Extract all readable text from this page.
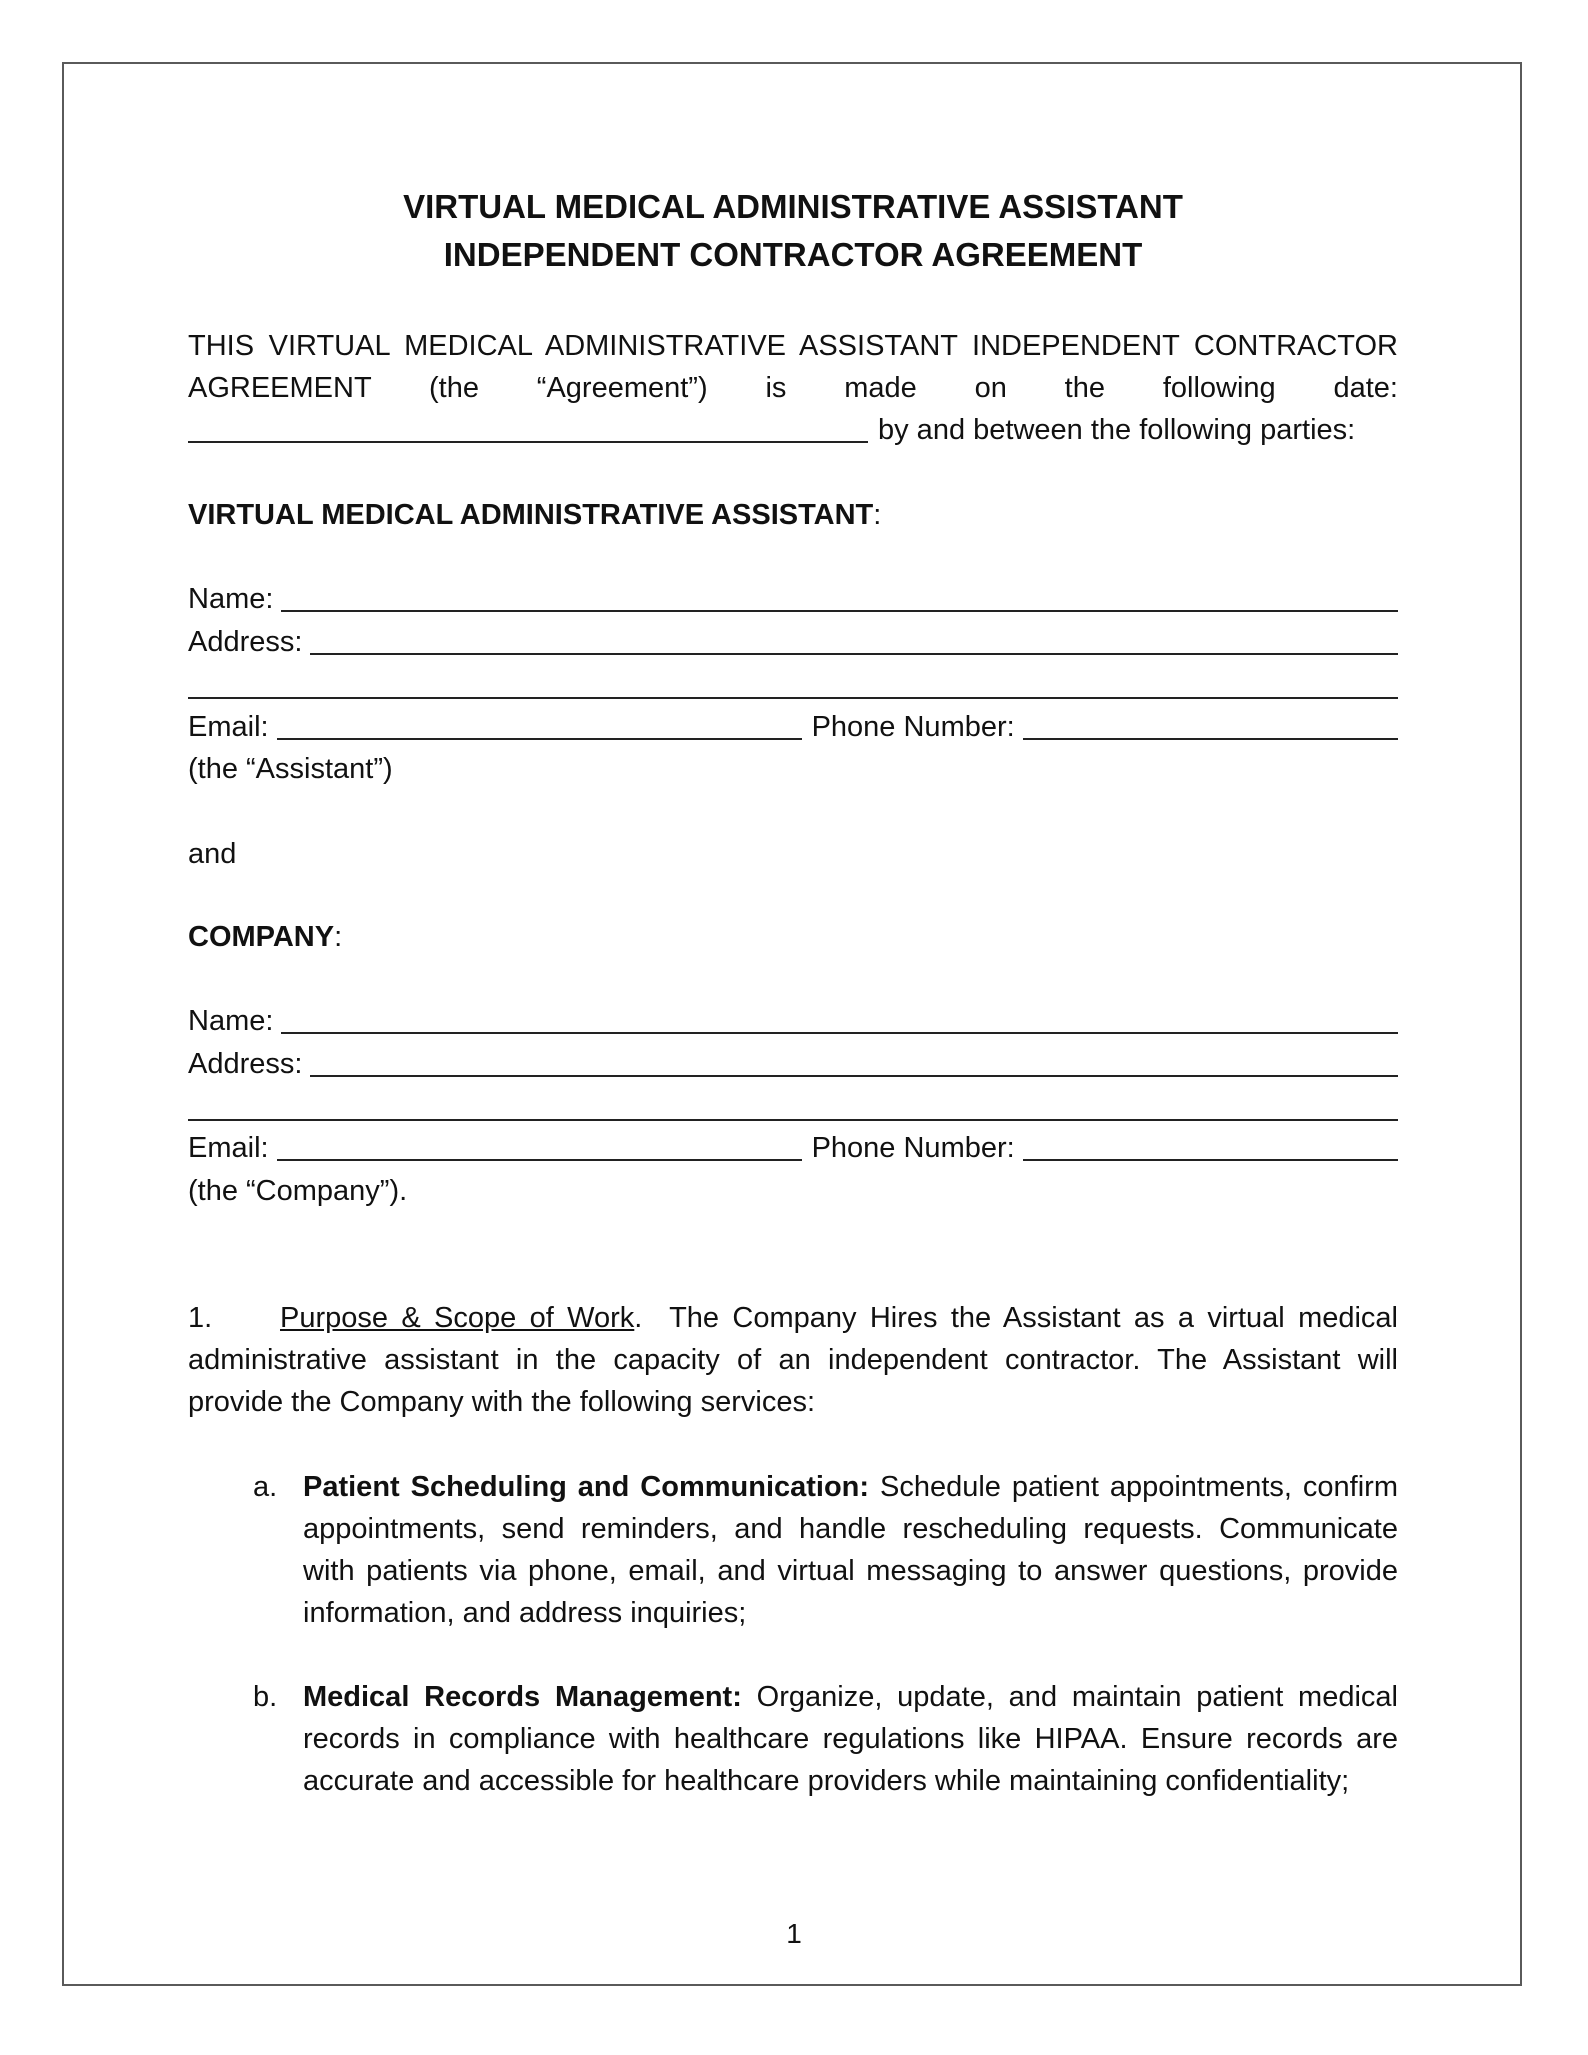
VIRTUAL MEDICAL ADMINISTRATIVE ASSISTANT
INDEPENDENT CONTRACTOR AGREEMENT
THIS VIRTUAL MEDICAL ADMINISTRATIVE ASSISTANT INDEPENDENT CONTRACTOR
AGREEMENT (the “Agreement”) is made on the following date:
by and between the following parties:
VIRTUAL MEDICAL ADMINISTRATIVE ASSISTANT:
Name:
Address:
Email:	Phone Number:
(the “Assistant”)
and
COMPANY:
Name:
Address:
Email:	Phone Number:
(the “Company”).
1. Purpose & Scope of Work. The Company Hires the Assistant as a virtual medical
administrative assistant in the capacity of an independent contractor. The Assistant will
provide the Company with the following services:
a. Patient Scheduling and Communication: Schedule patient appointments, confirm appointments, send reminders, and handle rescheduling requests. Communicate with patients via phone, email, and virtual messaging to answer questions, provide information, and address inquiries;
b. Medical Records Management: Organize, update, and maintain patient medical records in compliance with healthcare regulations like HIPAA. Ensure records are accurate and accessible for healthcare providers while maintaining confidentiality;
1
